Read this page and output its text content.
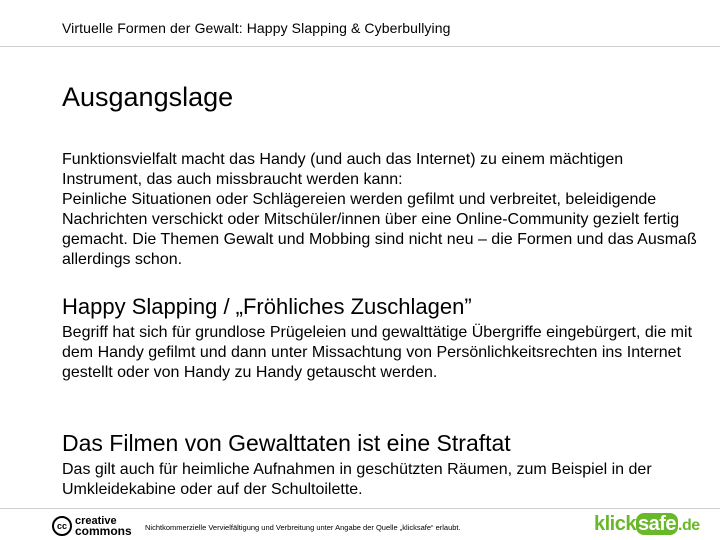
Virtuelle Formen der Gewalt: Happy Slapping & Cyberbullying
Ausgangslage
Funktionsvielfalt macht das Handy (und auch das Internet) zu einem mächtigen Instrument, das auch missbraucht werden kann:
Peinliche Situationen oder Schlägereien werden gefilmt und verbreitet, beleidigende Nachrichten verschickt oder Mitschüler/innen über eine Online-Community gezielt fertig gemacht. Die Themen Gewalt und Mobbing sind nicht neu – die Formen und das Ausmaß allerdings schon.
Happy Slapping / „Fröhliches Zuschlagen”
Begriff hat sich für grundlose Prügeleien und gewalttätige Übergriffe eingebürgert, die mit dem Handy gefilmt und dann unter Missachtung von Persönlichkeitsrechten ins Internet gestellt oder von Handy zu Handy getauscht werden.
Das Filmen von Gewalttaten ist eine Straftat
Das gilt auch für heimliche Aufnahmen in geschützten Räumen, zum Beispiel in der Umkleidekabine oder auf der Schultoilette.
cc creative
commons Nichtkommerzielle Vervielfältigung und Verbreitung unter Angabe der Quelle „klicksafe“ erlaubt.	klick safe .de
